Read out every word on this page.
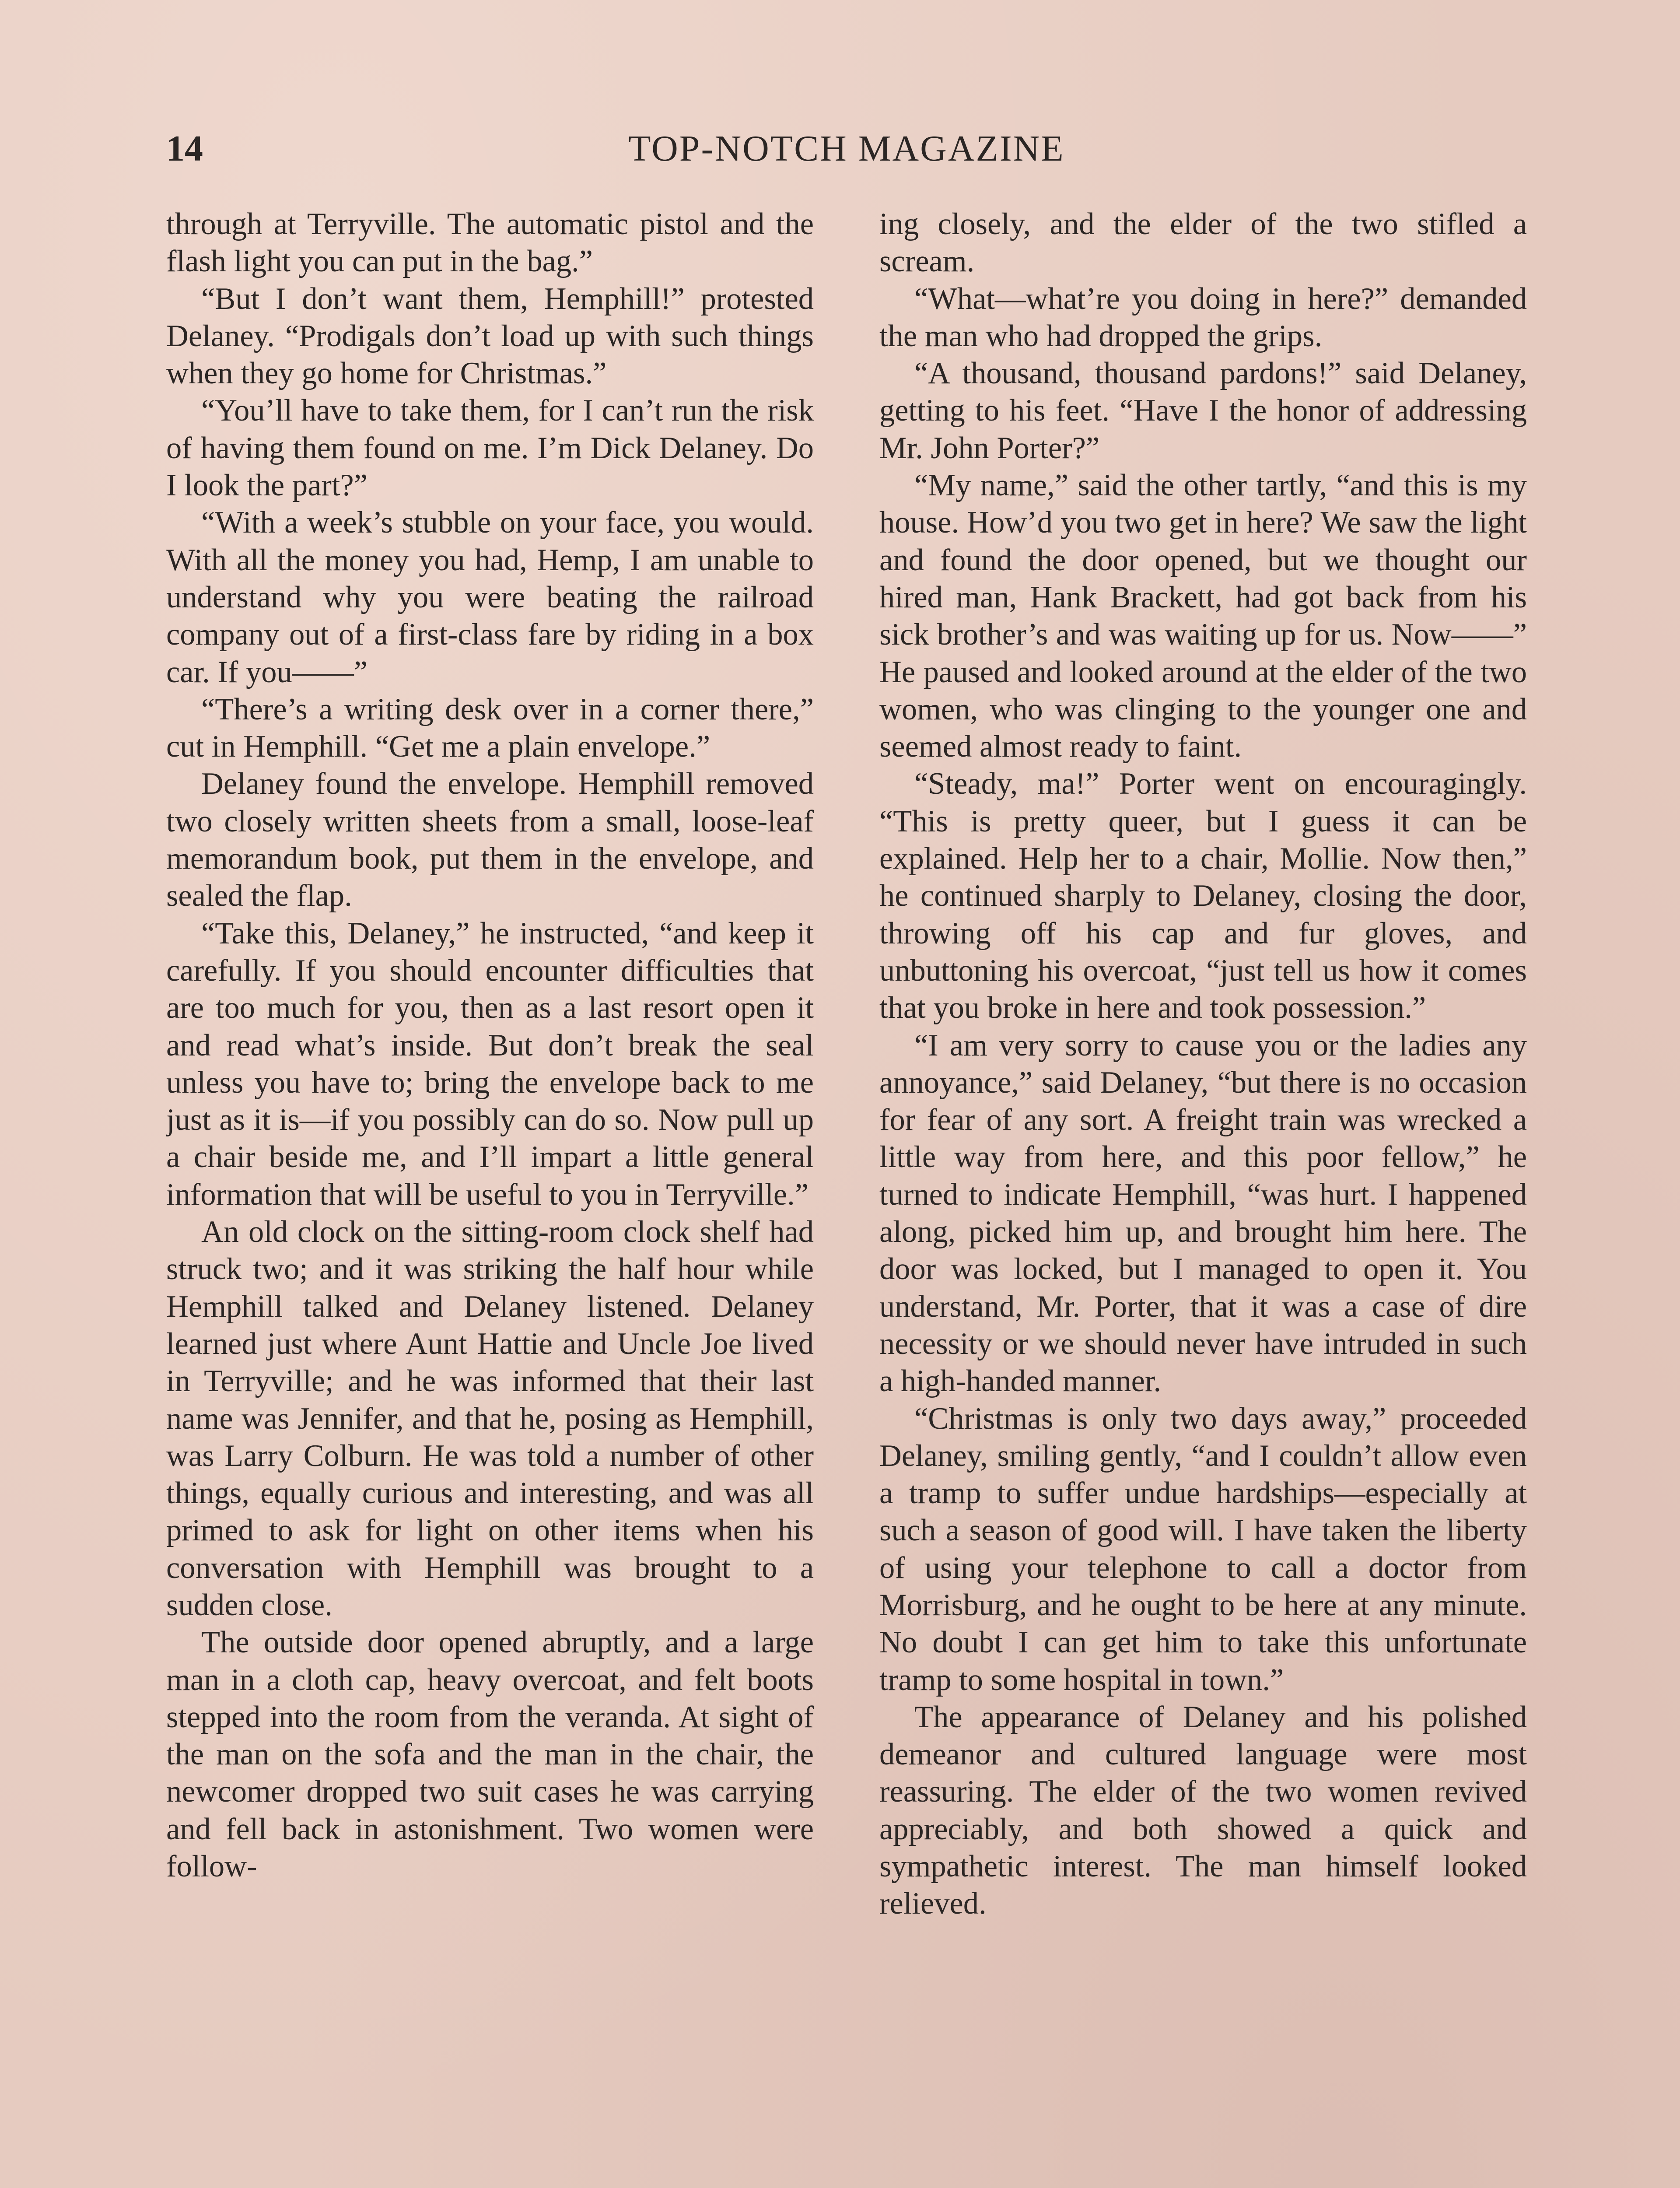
14	TOP-NOTCH MAGAZINE

through at Terryville. The automatic pistol and the flash light you can put in the bag.”

“But I don’t want them, Hemphill!” protested Delaney. “Prodigals don’t load up with such things when they go home for Christmas.”

“You’ll have to take them, for I can’t run the risk of having them found on me. I’m Dick Delaney. Do I look the part?”

“With a week’s stubble on your face, you would. With all the money you had, Hemp, I am unable to understand why you were beating the railroad company out of a first-class fare by riding in a box car. If you——”

“There’s a writing desk over in a corner there,” cut in Hemphill. “Get me a plain envelope.”

Delaney found the envelope. Hemphill removed two closely written sheets from a small, loose-leaf memorandum book, put them in the envelope, and sealed the flap.

“Take this, Delaney,” he instructed, “and keep it carefully. If you should encounter difficulties that are too much for you, then as a last resort open it and read what’s inside. But don’t break the seal unless you have to; bring the envelope back to me just as it is—if you possibly can do so. Now pull up a chair beside me, and I’ll impart a little general information that will be useful to you in Terryville.”

An old clock on the sitting-room clock shelf had struck two; and it was striking the half hour while Hemphill talked and Delaney listened. Delaney learned just where Aunt Hattie and Uncle Joe lived in Terryville; and he was informed that their last name was Jennifer, and that he, posing as Hemphill, was Larry Colburn. He was told a number of other things, equally curious and interesting, and was all primed to ask for light on other items when his conversation with Hemphill was brought to a sudden close.

The outside door opened abruptly, and a large man in a cloth cap, heavy overcoat, and felt boots stepped into the room from the veranda. At sight of the man on the sofa and the man in the chair, the newcomer dropped two suit cases he was carrying and fell back in astonishment. Two women were follow-

ing closely, and the elder of the two stifled a scream.

“What—what’re you doing in here?” demanded the man who had dropped the grips.

“A thousand, thousand pardons!” said Delaney, getting to his feet. “Have I the honor of addressing Mr. John Porter?”

“My name,” said the other tartly, “and this is my house. How’d you two get in here? We saw the light and found the door opened, but we thought our hired man, Hank Brackett, had got back from his sick brother’s and was waiting up for us. Now——” He paused and looked around at the elder of the two women, who was clinging to the younger one and seemed almost ready to faint.

“Steady, ma!” Porter went on encouragingly. “This is pretty queer, but I guess it can be explained. Help her to a chair, Mollie. Now then,” he continued sharply to Delaney, closing the door, throwing off his cap and fur gloves, and unbuttoning his overcoat, “just tell us how it comes that you broke in here and took possession.”

“I am very sorry to cause you or the ladies any annoyance,” said Delaney, “but there is no occasion for fear of any sort. A freight train was wrecked a little way from here, and this poor fellow,” he turned to indicate Hemphill, “was hurt. I happened along, picked him up, and brought him here. The door was locked, but I managed to open it. You understand, Mr. Porter, that it was a case of dire necessity or we should never have intruded in such a high-handed manner.

“Christmas is only two days away,” proceeded Delaney, smiling gently, “and I couldn’t allow even a tramp to suffer undue hardships—especially at such a season of good will. I have taken the liberty of using your telephone to call a doctor from Morrisburg, and he ought to be here at any minute. No doubt I can get him to take this unfortunate tramp to some hospital in town.”

The appearance of Delaney and his polished demeanor and cultured language were most reassuring. The elder of the two women revived appreciably, and both showed a quick and sympathetic interest. The man himself looked relieved.
